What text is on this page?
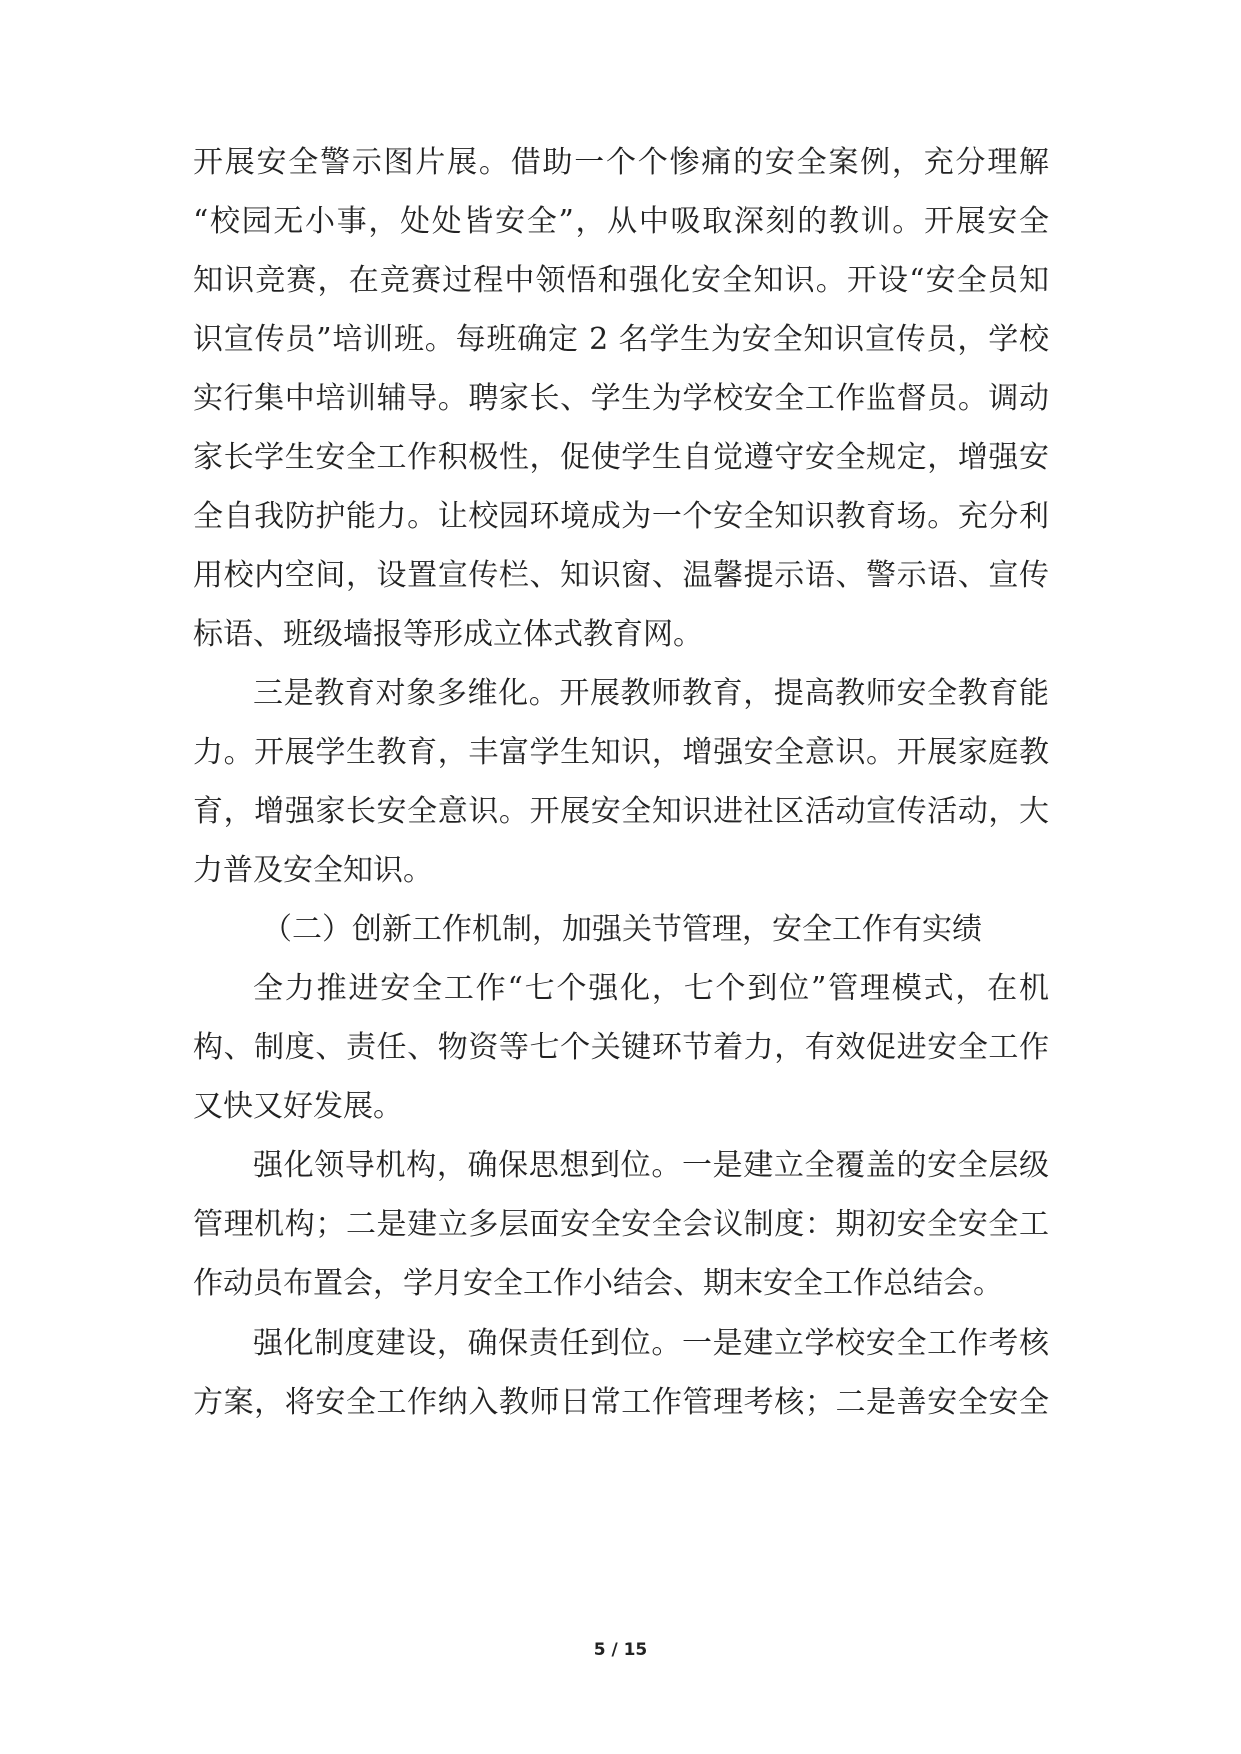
开展安全警示图片展。借助一个个惨痛的安全案例，充分理解
“校园无小事，处处皆安全”，从中吸取深刻的教训。开展安全
知识竞赛，在竞赛过程中领悟和强化安全知识。开设“安全员知
识宣传员”培训班。每班确定 2 名学生为安全知识宣传员，学校
实行集中培训辅导。聘家长、学生为学校安全工作监督员。调动
家长学生安全工作积极性，促使学生自觉遵守安全规定，增强安
全自我防护能力。让校园环境成为一个安全知识教育场。充分利
用校内空间，设置宣传栏、知识窗、温馨提示语、警示语、宣传
标语、班级墙报等形成立体式教育网。
三是教育对象多维化。开展教师教育，提高教师安全教育能
力。开展学生教育，丰富学生知识，增强安全意识。开展家庭教
育，增强家长安全意识。开展安全知识进社区活动宣传活动，大
力普及安全知识。
（二）创新工作机制，加强关节管理，安全工作有实绩
全力推进安全工作“七个强化，七个到位”管理模式，在机
构、制度、责任、物资等七个关键环节着力，有效促进安全工作
又快又好发展。
强化领导机构，确保思想到位。一是建立全覆盖的安全层级
管理机构；二是建立多层面安全安全会议制度：期初安全安全工
作动员布置会，学月安全工作小结会、期末安全工作总结会。
强化制度建设，确保责任到位。一是建立学校安全工作考核
方案，将安全工作纳入教师日常工作管理考核；二是善安全安全
5 / 15
